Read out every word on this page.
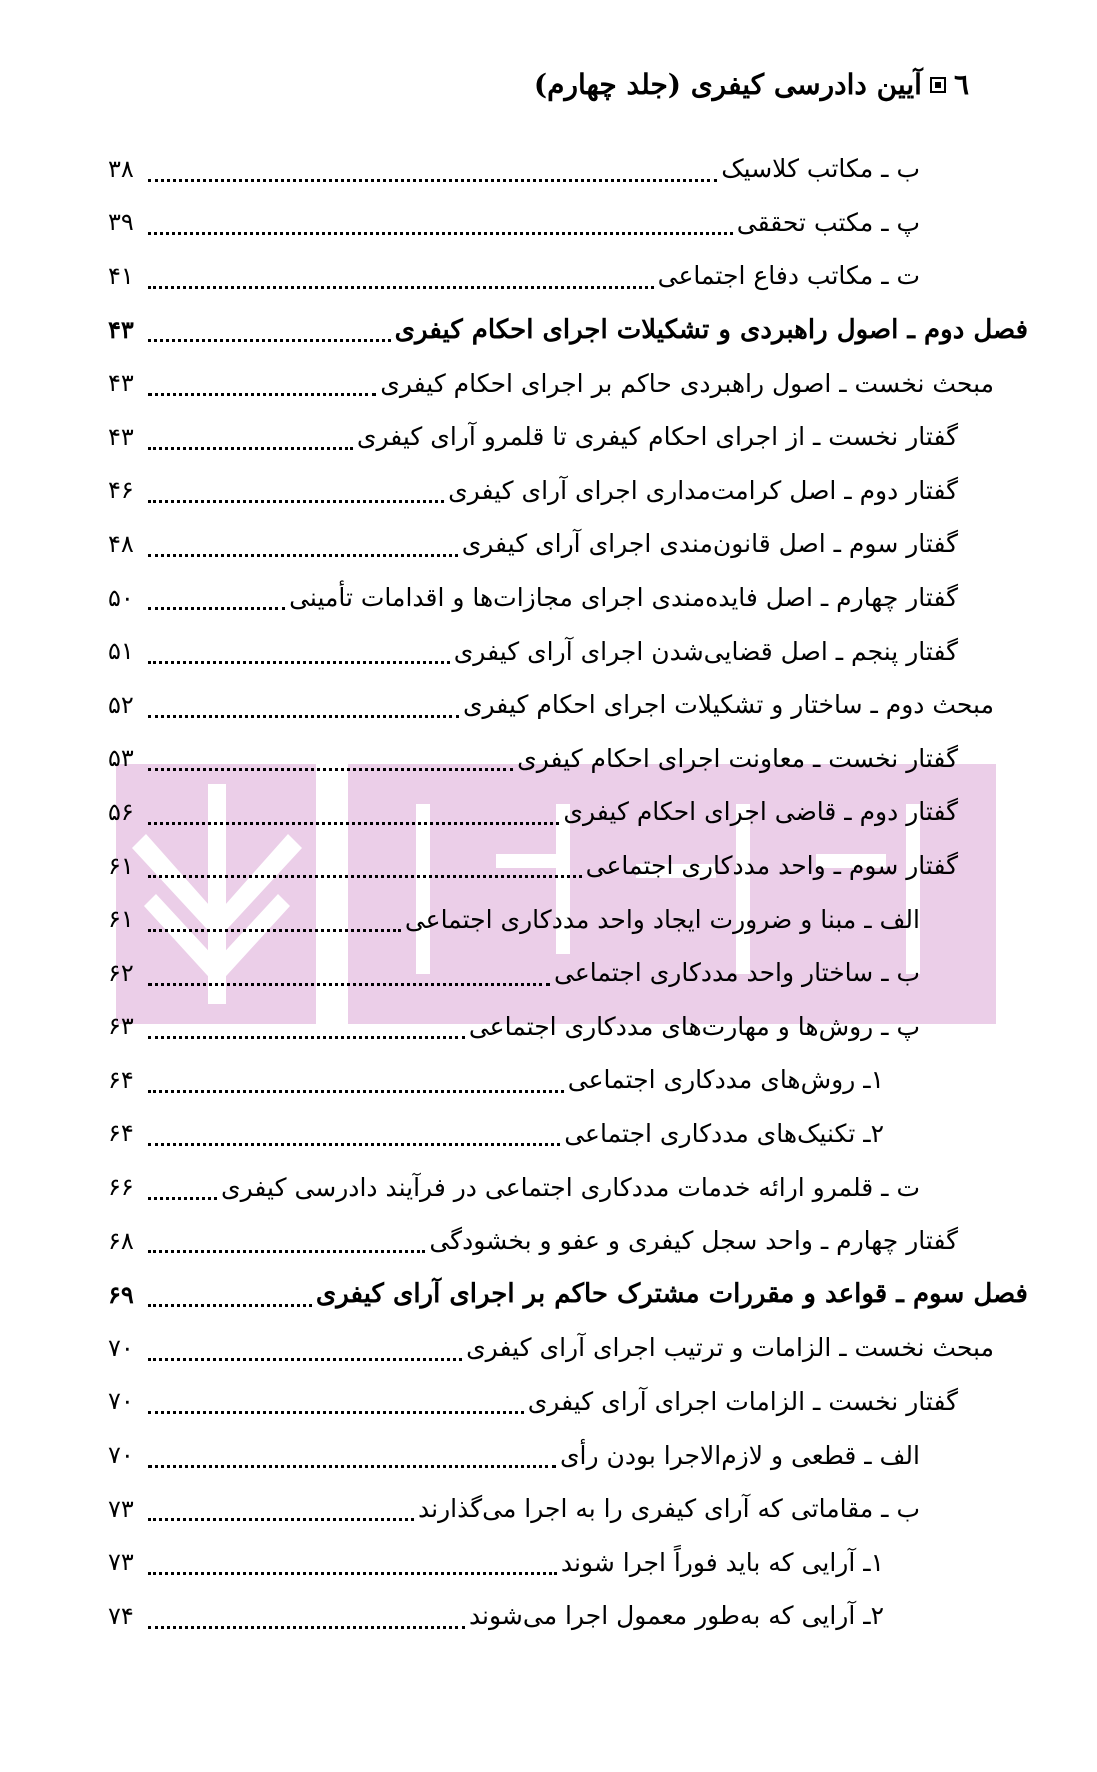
٦
آیین دادرسی کیفری (جلد چهارم)
ب ـ مکاتب کلاسیک
۳۸
پ ـ مکتب تحققی
۳۹
ت ـ مکاتب دفاع اجتماعی
۴۱
فصل دوم ـ اصول راهبردی و تشکیلات اجرای احکام کیفری
۴۳
مبحث نخست ـ اصول راهبردی حاکم بر اجرای احکام کیفری
۴۳
گفتار نخست ـ از اجرای احکام کیفری تا قلمرو آرای کیفری
۴۳
گفتار دوم ـ اصل کرامت‌مداری اجرای آرای کیفری
۴۶
گفتار سوم ـ اصل قانون‌مندی اجرای آرای کیفری
۴۸
گفتار چهارم ـ اصل فایده‌مندی اجرای مجازات‌ها و اقدامات تأمینی
۵۰
گفتار پنجم ـ اصل قضایی‌شدن اجرای آرای کیفری
۵۱
مبحث دوم ـ ساختار و تشکیلات اجرای احکام کیفری
۵۲
گفتار نخست ـ معاونت اجرای احکام کیفری
۵۳
گفتار دوم ـ قاضی اجرای احکام کیفری
۵۶
گفتار سوم ـ واحد مددکاری اجتماعی
۶۱
الف ـ مبنا و ضرورت ایجاد واحد مددکاری اجتماعی
۶۱
ب ـ ساختار واحد مددکاری اجتماعی
۶۲
پ ـ روش‌ها و مهارت‌های مددکاری اجتماعی
۶۳
۱ـ روش‌های مددکاری اجتماعی
۶۴
۲ـ تکنیک‌های مددکاری اجتماعی
۶۴
ت ـ قلمرو ارائه خدمات مددکاری اجتماعی در فرآیند دادرسی کیفری
۶۶
گفتار چهارم ـ واحد سجل کیفری و عفو و بخشودگی
۶۸
فصل سوم ـ قواعد و مقررات مشترک حاکم بر اجرای آرای کیفری
۶۹
مبحث نخست ـ الزامات و ترتیب اجرای آرای کیفری
۷۰
گفتار نخست ـ الزامات اجرای آرای کیفری
۷۰
الف ـ قطعی و لازم‌الاجرا بودن رأی
۷۰
ب ـ مقاماتی که آرای کیفری را به اجرا می‌گذارند
۷۳
۱ـ آرایی که باید فوراً اجرا شوند
۷۳
۲ـ آرایی که به‌طور معمول اجرا می‌شوند
۷۴
